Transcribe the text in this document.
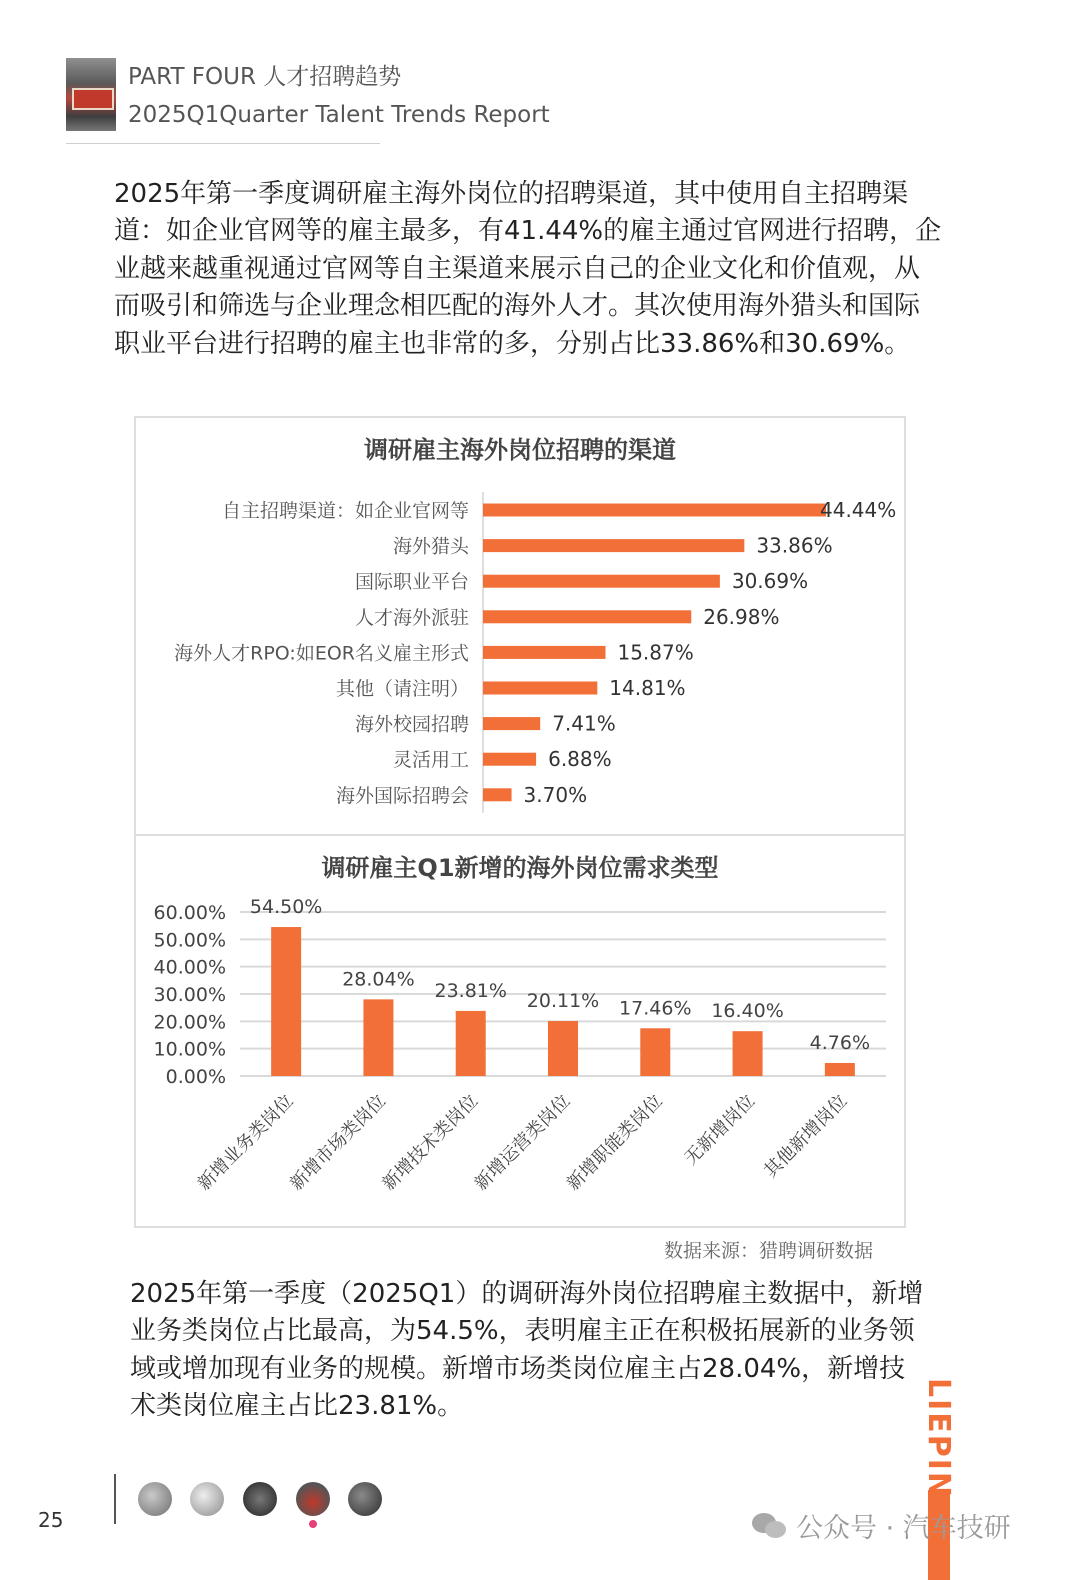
PART FOUR 人才招聘趋势
2025Q1Quarter Talent Trends Report

2025年第一季度调研雇主海外岗位的招聘渠道，其中使用自主招聘渠道：如企业官网等的雇主最多，有41.44%的雇主通过官网进行招聘，企业越来越重视通过官网等自主渠道来展示自己的企业文化和价值观，从而吸引和筛选与企业理念相匹配的海外人才。其次使用海外猎头和国际职业平台进行招聘的雇主也非常的多，分别占比33.86%和30.69%。

调研雇主海外岗位招聘的渠道
自主招聘渠道：如企业官网等	44.44%
海外猎头	33.86%
国际职业平台	30.69%
人才海外派驻	26.98%
海外人才RPO:如EOR名义雇主形式	15.87%
其他（请注明）	14.81%
海外校园招聘	7.41%
灵活用工	6.88%
海外国际招聘会	3.70%
调研雇主Q1新增的海外岗位需求类型
60.00%
50.00%
40.00%
30.00%
20.00%
10.00%
0.00%
54.50%
新增业务类岗位
28.04%
新增市场类岗位
23.81%
新增技术类岗位
20.11%
新增运营类岗位
17.46%
新增职能类岗位
16.40%
无新增岗位
4.76%
其他新增岗位
数据来源：猎聘调研数据

2025年第一季度（2025Q1）的调研海外岗位招聘雇主数据中，新增业务类岗位占比最高，为54.5%，表明雇主正在积极拓展新的业务领域或增加现有业务的规模。新增市场类岗位雇主占28.04%，新增技术类岗位雇主占比23.81%。

25
LIEPIN
公众号 · 汽车技研
